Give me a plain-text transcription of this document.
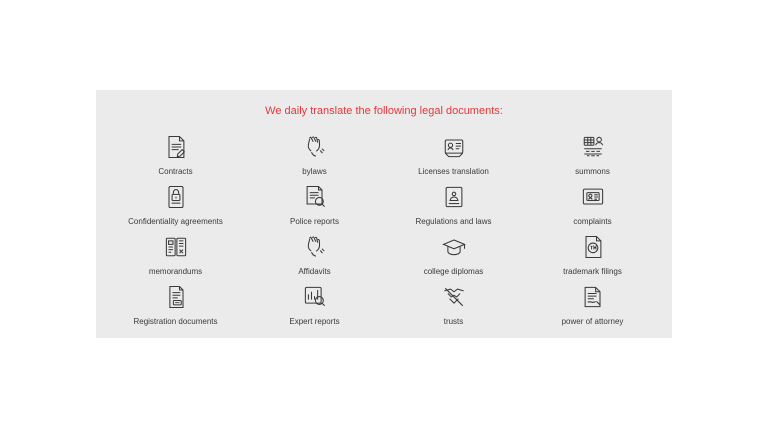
We daily translate the following legal documents:
Contracts	bylaws	Licenses translation	summons
Confidentiality agreements	Police reports	Regulations and laws	complaints
memorandums	Affidavits	college diplomas	trademark filings
Registration documents	Expert reports	trusts	power of attorney
